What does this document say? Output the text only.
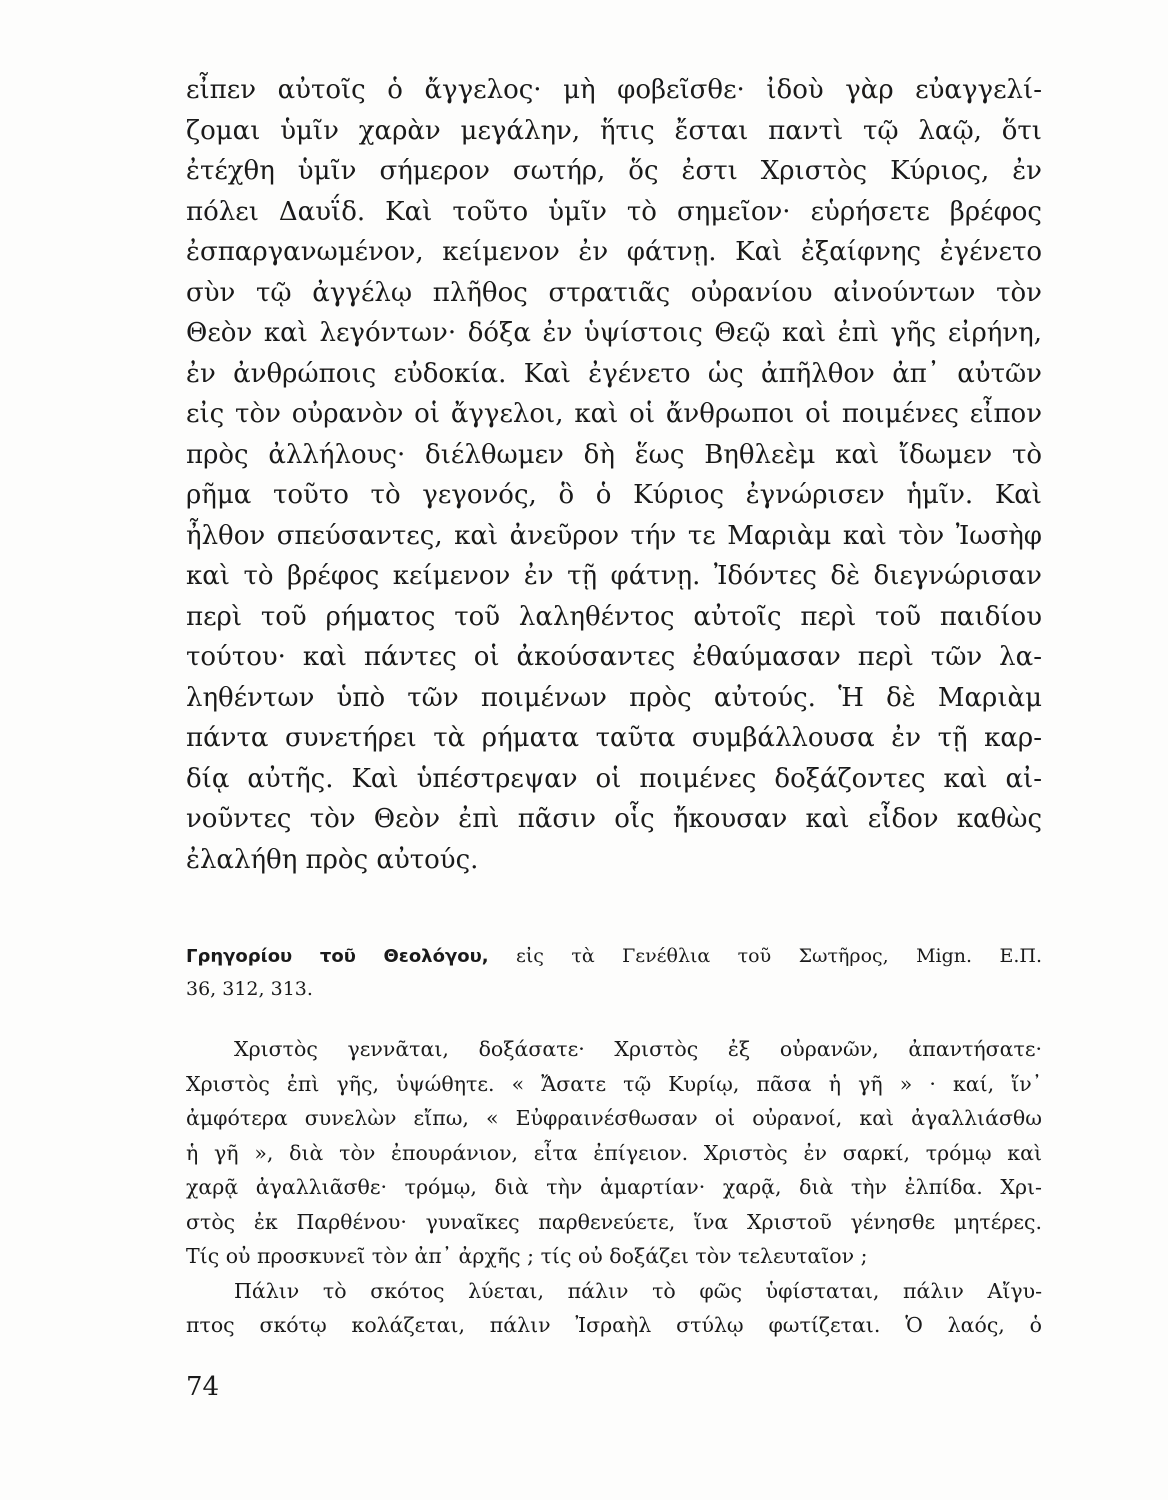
εἶπεν αὐτοῖς ὁ ἄγγελος· μὴ φοβεῖσθε· ἰδοὺ γὰρ εὐαγγελί-
ζομαι ὑμῖν χαρὰν μεγάλην, ἥτις ἔσται παντὶ τῷ λαῷ, ὅτι
ἐτέχθη ὑμῖν σήμερον σωτήρ, ὅς ἐστι Χριστὸς Κύριος, ἐν
πόλει Δαυΐδ. Καὶ τοῦτο ὑμῖν τὸ σημεῖον· εὑρήσετε βρέφος
ἐσπαργανωμένον, κείμενον ἐν φάτνῃ. Καὶ ἐξαίφνης ἐγένετο
σὺν τῷ ἀγγέλῳ πλῆθος στρατιᾶς οὐρανίου αἰνούντων τὸν
Θεὸν καὶ λεγόντων· δόξα ἐν ὑψίστοις Θεῷ καὶ ἐπὶ γῆς εἰρήνη,
ἐν ἀνθρώποις εὐδοκία. Καὶ ἐγένετο ὡς ἀπῆλθον ἀπ᾿ αὐτῶν
εἰς τὸν οὐρανὸν οἱ ἄγγελοι, καὶ οἱ ἄνθρωποι οἱ ποιμένες εἶπον
πρὸς ἀλλήλους· διέλθωμεν δὴ ἕως Βηθλεὲμ καὶ ἴδωμεν τὸ
ρῆμα τοῦτο τὸ γεγονός, ὃ ὁ Κύριος ἐγνώρισεν ἡμῖν. Καὶ
ἦλθον σπεύσαντες, καὶ ἀνεῦρον τήν τε Μαριὰμ καὶ τὸν Ἰωσὴφ
καὶ τὸ βρέφος κείμενον ἐν τῇ φάτνῃ. Ἰδόντες δὲ διεγνώρισαν
περὶ τοῦ ρήματος τοῦ λαληθέντος αὐτοῖς περὶ τοῦ παιδίου
τούτου· καὶ πάντες οἱ ἀκούσαντες ἐθαύμασαν περὶ τῶν λα-
ληθέντων ὑπὸ τῶν ποιμένων πρὸς αὐτούς. Ἡ δὲ Μαριὰμ
πάντα συνετήρει τὰ ρήματα ταῦτα συμβάλλουσα ἐν τῇ καρ-
δίᾳ αὐτῆς. Καὶ ὑπέστρεψαν οἱ ποιμένες δοξάζοντες καὶ αἰ-
νοῦντες τὸν Θεὸν ἐπὶ πᾶσιν οἷς ἤκουσαν καὶ εἶδον καθὼς
ἐλαλήθη πρὸς αὐτούς.
Γρηγορίου τοῦ Θεολόγου, εἰς τὰ Γενέθλια τοῦ Σωτῆρος, Mign. Ε.Π.
36, 312, 313.
Χριστὸς γεννᾶται, δοξάσατε· Χριστὸς ἐξ οὐρανῶν, ἀπαντήσατε·
Χριστὸς ἐπὶ γῆς, ὑψώθητε. « Ἄσατε τῷ Κυρίῳ, πᾶσα ἡ γῆ » · καί, ἵν᾿
ἀμφότερα συνελὼν εἴπω, « Εὐφραινέσθωσαν οἱ οὐρανοί, καὶ ἀγαλλιάσθω
ἡ γῆ », διὰ τὸν ἐπουράνιον, εἶτα ἐπίγειον. Χριστὸς ἐν σαρκί, τρόμῳ καὶ
χαρᾷ ἀγαλλιᾶσθε· τρόμῳ, διὰ τὴν ἁμαρτίαν· χαρᾷ, διὰ τὴν ἐλπίδα. Χρι-
στὸς ἐκ Παρθένου· γυναῖκες παρθενεύετε, ἵνα Χριστοῦ γένησθε μητέρες.
Τίς οὐ προσκυνεῖ τὸν ἀπ᾿ ἀρχῆς ; τίς οὐ δοξάζει τὸν τελευταῖον ;
Πάλιν τὸ σκότος λύεται, πάλιν τὸ φῶς ὑφίσταται, πάλιν Αἴγυ-
πτος σκότῳ κολάζεται, πάλιν Ἰσραὴλ στύλῳ φωτίζεται. Ὁ λαός, ὁ
74
